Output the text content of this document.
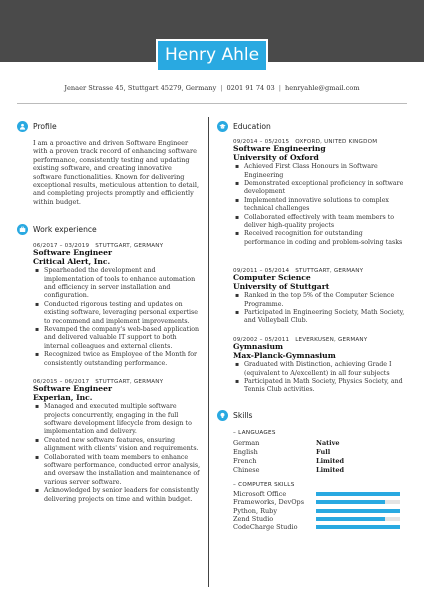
Henry Ahle
Jenaer Strasse 45, Stuttgart 45279, Germany | 0201 91 74 03 | henryahle@gmail.com
Profile
I am a proactive and driven Software Engineer with a proven track record of enhancing software performance, consistently testing and updating existing software, and creating innovative software functionalities. Known for delivering exceptional results, meticulous attention to detail, and completing projects promptly and efficiently within budget.
Work experience
06/2017 – 03/2019 STUTTGART, GERMANY
Software Engineer
Critical Alert, Inc.
▪ Spearheaded the development and implementation of tools to enhance automation and efficiency in server installation and configuration.
▪ Conducted rigorous testing and updates on existing software, leveraging personal expertise to recommend and implement improvements.
▪ Revamped the company's web-based application and delivered valuable IT support to both internal colleagues and external clients.
▪ Recognized twice as Employee of the Month for consistently outstanding performance.
06/2015 – 06/2017 STUTTGART, GERMANY
Software Engineer
Experian, Inc.
▪ Managed and executed multiple software projects concurrently, engaging in the full software development lifecycle from design to implementation and delivery.
▪ Created new software features, ensuring alignment with clients' vision and requirements.
▪ Collaborated with team members to enhance software performance, conducted error analysis, and oversaw the installation and maintenance of various server software.
▪ Acknowledged by senior leaders for consistently delivering projects on time and within budget.
Education
09/2014 – 05/2015 OXFORD, UNITED KINGDOM
Software Engineering
University of Oxford
▪ Achieved First Class Honours in Software Engineering
▪ Demonstrated exceptional proficiency in software development
▪ Implemented innovative solutions to complex technical challenges
▪ Collaborated effectively with team members to deliver high-quality projects
▪ Received recognition for outstanding performance in coding and problem-solving tasks
09/2011 – 05/2014 STUTTGART, GERMANY
Computer Science
University of Stuttgart
▪ Ranked in the top 5% of the Computer Science Programme.
▪ Participated in Engineering Society, Math Society, and Volleyball Club.
09/2002 – 05/2011 LEVERKUSEN, GERMANY
Gymnasium
Max-Planck-Gymnasium
▪ Graduated with Distinction, achieving Grade I (equivalent to A/excellent) in all four subjects
▪ Participated in Math Society, Physics Society, and Tennis Club activities.
Skills
– LANGUAGES
German	Native
English	Full
French	Limited
Chinese	Limited
– COMPUTER SKILLS
Microsoft Office
Frameworks, DevOps
Python, Ruby
Zend Studio
CodeCharge Studio
